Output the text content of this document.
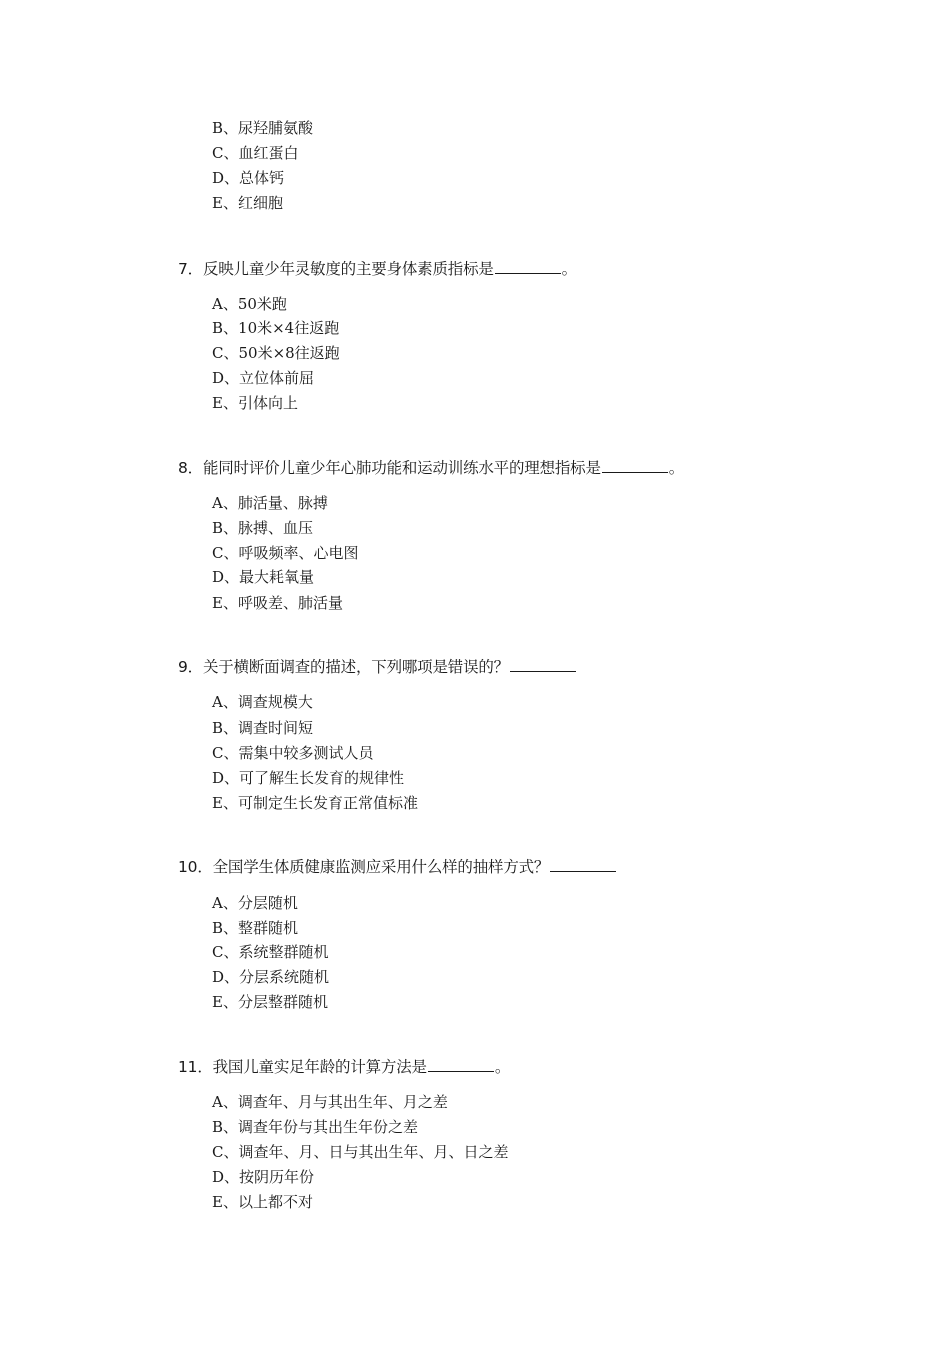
B、尿羟脯氨酸
C、血红蛋白
D、总体钙
E、红细胞
7．反映儿童少年灵敏度的主要身体素质指标是	。
A、50米跑
B、10米×4往返跑
C、50米×8往返跑
D、立位体前屈
E、引体向上
8．能同时评价儿童少年心肺功能和运动训练水平的理想指标是	。
A、肺活量、脉搏
B、脉搏、血压
C、呼吸频率、心电图
D、最大耗氧量
E、呼吸差、肺活量
9．关于横断面调查的描述，下列哪项是错误的？
A、调查规模大
B、调查时间短
C、需集中较多测试人员
D、可了解生长发育的规律性
E、可制定生长发育正常值标准
10．全国学生体质健康监测应采用什么样的抽样方式？
A、分层随机
B、整群随机
C、系统整群随机
D、分层系统随机
E、分层整群随机
11．我国儿童实足年龄的计算方法是	。
A、调查年、月与其出生年、月之差
B、调查年份与其出生年份之差
C、调查年、月、日与其出生年、月、日之差
D、按阴历年份
E、以上都不对
